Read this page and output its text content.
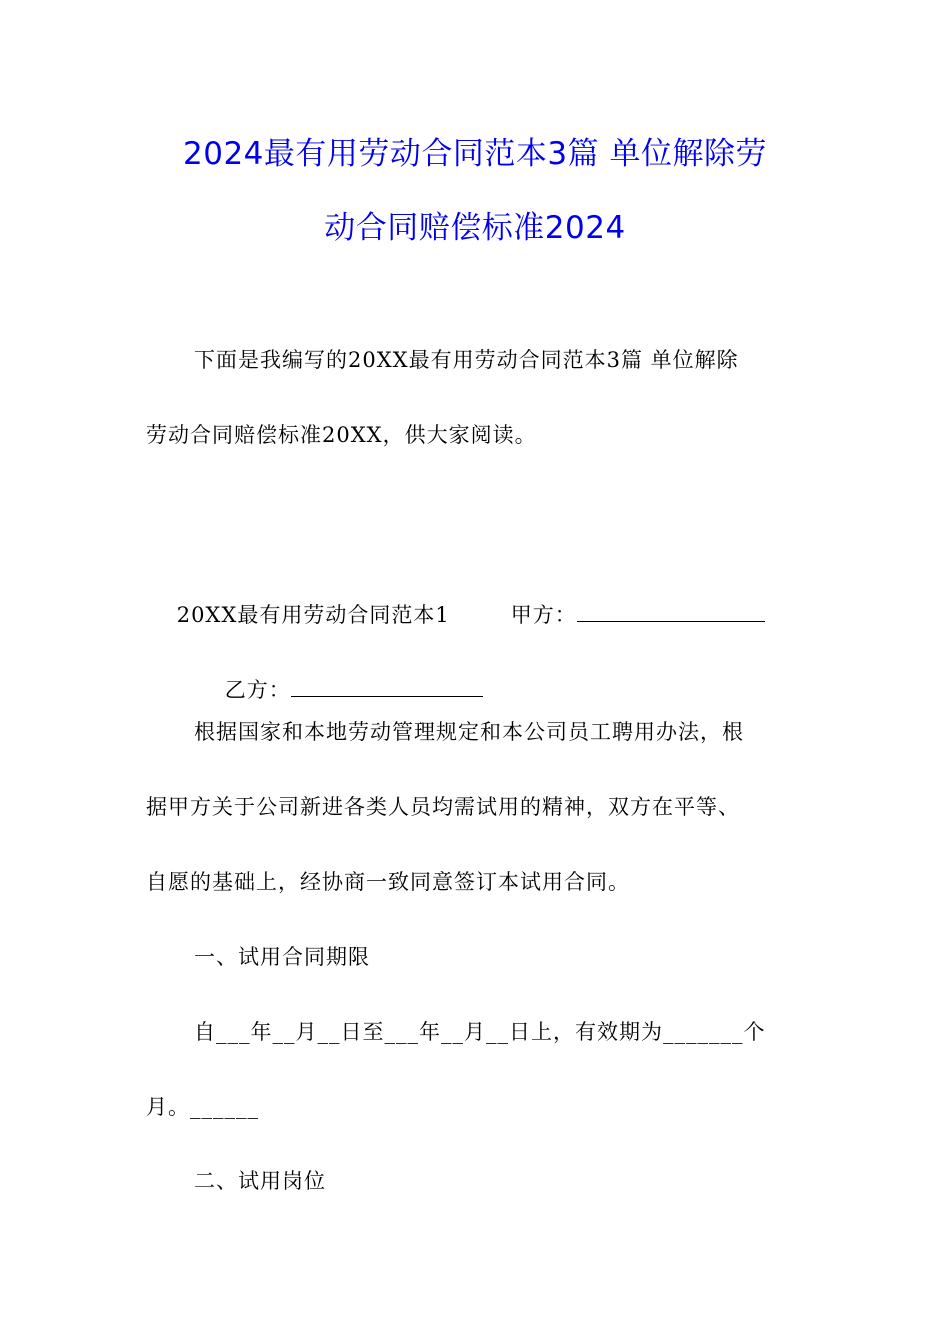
2024最有用劳动合同范本3篇 单位解除劳
动合同赔偿标准2024
下面是我编写的20XX最有用劳动合同范本3篇 单位解除
劳动合同赔偿标准20XX，供大家阅读。

20XX最有用劳动合同范本1
	甲方：

乙方：

根据国家和本地劳动管理规定和本公司员工聘用办法，根
据甲方关于公司新进各类人员均需试用的精神，双方在平等、
自愿的基础上，经协商一致同意签订本试用合同。
一、试用合同期限
自___年__月__日至___年__月__日上，有效期为_______个
月。______
二、试用岗位
